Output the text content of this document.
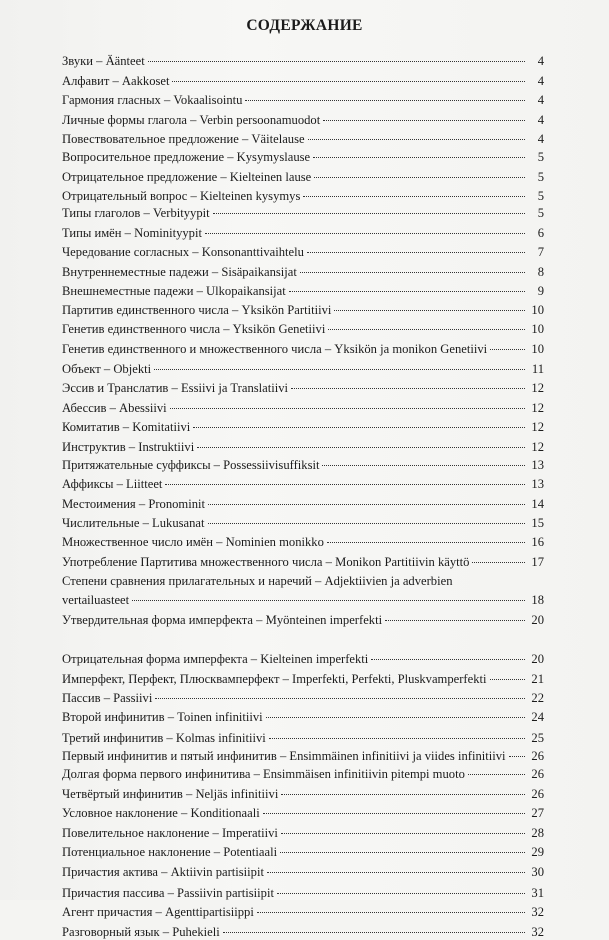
СОДЕРЖАНИЕ
Звуки – Äänteet	4
Алфавит – Aakkoset	4
Гармония гласных – Vokaalisointu	4
Личные формы глагола – Verbin persoonamuodot	4
Повествовательное предложение – Väitelause	4
Вопросительное предложение – Kysymyslause	5
Отрицательное предложение – Kielteinen lause	5
Отрицательный вопрос – Kielteinen kysymys	5
Типы глаголов – Verbityypit	5
Типы имён – Nominityypit	6
Чередование согласных – Konsonanttivaihtelu	7
Внутреннеместные падежи – Sisäpaikansijat	8
Внешнеместные падежи – Ulkopaikansijat	9
Партитив единственного числа – Yksikön Partitiivi	10
Генетив единственного числа – Yksikön Genetiivi	10
Генетив единственного и множественного числа – Yksikön ja monikon Genetiivi	10
Объект – Objekti	11
Эссив и Транслатив – Essiivi ja Translatiivi	12
Абессив – Abessiivi	12
Комитатив – Komitatiivi	12
Инструктив – Instruktiivi	12
Притяжательные суффиксы – Possessiivisuffiksit	13
Аффиксы – Liitteet	13
Местоимения – Pronominit	14
Числительные – Lukusanat	15
Множественное число имён – Nominien monikko	16
Употребление Партитива множественного числа – Monikon Partitiivin käyttö	17
Степени сравнения прилагательных и наречий – Adjektiivien ja adverbien
vertailuasteet	18
Утвердительная форма имперфекта – Myönteinen imperfekti	20
Отрицательная форма имперфекта – Kielteinen imperfekti	20
Имперфект, Перфект, Плюсквамперфект – Imperfekti, Perfekti, Pluskvamperfekti	21
Пассив – Passiivi	22
Второй инфинитив – Toinen infinitiivi	24
Третий инфинитив – Kolmas infinitiivi	25
Первый инфинитив и пятый инфинитив – Ensimmäinen infinitiivi ja viides infinitiivi 26
Долгая форма первого инфинитива – Ensimmäisen infinitiivin pitempi muoto	26
Четвёртый инфинитив – Neljäs infinitiivi	26
Условное наклонение – Konditionaali	27
Повелительное наклонение – Imperatiivi	28
Потенциальное наклонение – Potentiaali	29
Причастия актива – Aktiivin partisiipit	30
Причастия пассива – Passiivin partisiipit	31
Агент причастия – Agenttipartisiippi	32
Разговорный язык – Puhekieli	32
